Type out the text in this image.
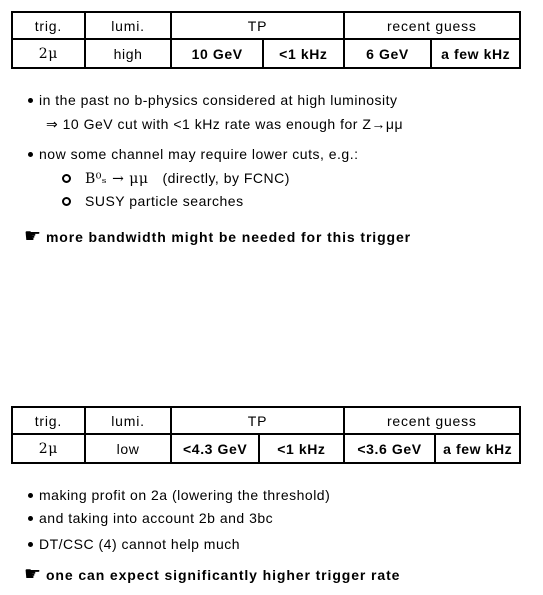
trig.	lumi.	TP	recent guess
2μ	high	10 GeV	<1 kHz	6 GeV	a few kHz
in the past no b-physics considered at high luminosity
⇒ 10 GeV cut with <1 kHz rate was enough for Z→μμ
now some channel may require lower cuts, e.g.:
B⁰ₛ → μμ (directly, by FCNC)
SUSY particle searches
☛ more bandwidth might be needed for this trigger
trig.	lumi.	TP	recent guess
2μ	low	<4.3 GeV	<1 kHz	<3.6 GeV	a few kHz
making profit on 2a (lowering the threshold)
and taking into account 2b and 3bc
DT/CSC (4) cannot help much
☛ one can expect significantly higher trigger rate
